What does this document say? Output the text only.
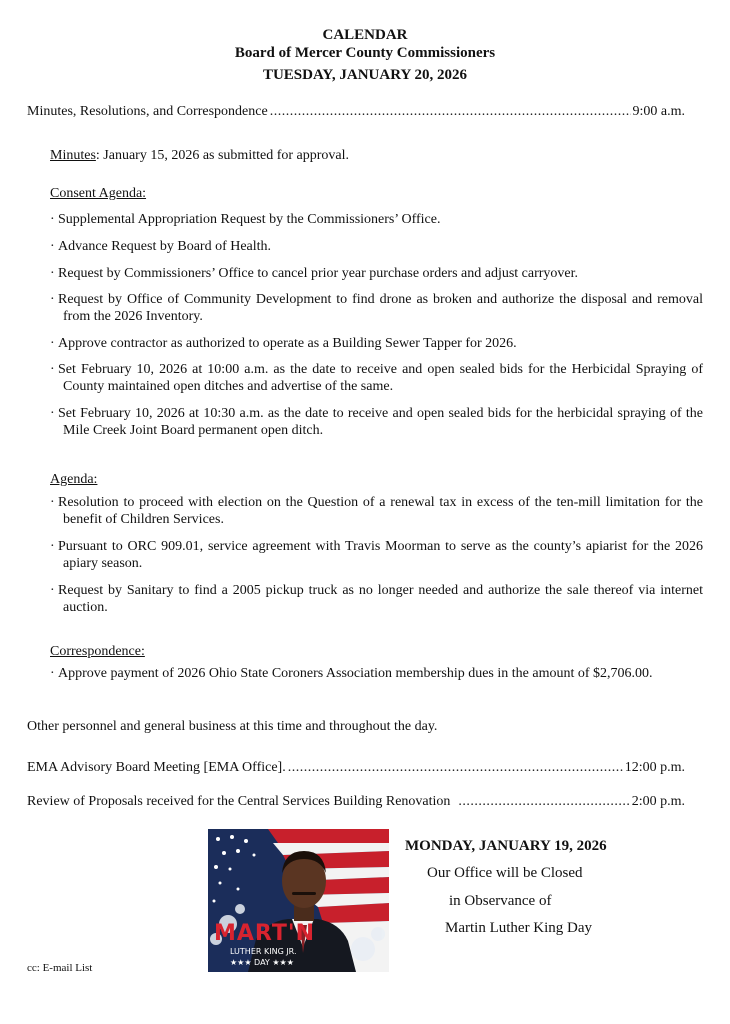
CALENDAR
Board of Mercer County Commissioners
TUESDAY, JANUARY 20, 2026
Minutes, Resolutions, and Correspondence .....	9:00 a.m.
Minutes: January 15, 2026 as submitted for approval.
Consent Agenda:
· Supplemental Appropriation Request by the Commissioners’ Office.
· Advance Request by Board of Health.
· Request by Commissioners’ Office to cancel prior year purchase orders and adjust carryover.
· Request by Office of Community Development to find drone as broken and authorize the disposal and removal from the 2026 Inventory.
· Approve contractor as authorized to operate as a Building Sewer Tapper for 2026.
· Set February 10, 2026 at 10:00 a.m. as the date to receive and open sealed bids for the Herbicidal Spraying of County maintained open ditches and advertise of the same.
· Set February 10, 2026 at 10:30 a.m. as the date to receive and open sealed bids for the herbicidal spraying of the Mile Creek Joint Board permanent open ditch.
Agenda:
· Resolution to proceed with election on the Question of a renewal tax in excess of the ten-mill limitation for the benefit of Children Services.
· Pursuant to ORC 909.01, service agreement with Travis Moorman to serve as the county’s apiarist for the 2026 apiary season.
· Request by Sanitary to find a 2005 pickup truck as no longer needed and authorize the sale thereof via internet auction.
Correspondence:
· Approve payment of 2026 Ohio State Coroners Association membership dues in the amount of $2,706.00.
Other personnel and general business at this time and throughout the day.
EMA Advisory Board Meeting [EMA Office]. .....	12:00 p.m.
Review of Proposals received for the Central Services Building Renovation .....	2:00 p.m.
MART'N
LUTHER KING JR.
★★★ DAY ★★★
MONDAY, JANUARY 19, 2026
Our Office will be Closed
in Observance of
Martin Luther King Day
cc: E-mail List
